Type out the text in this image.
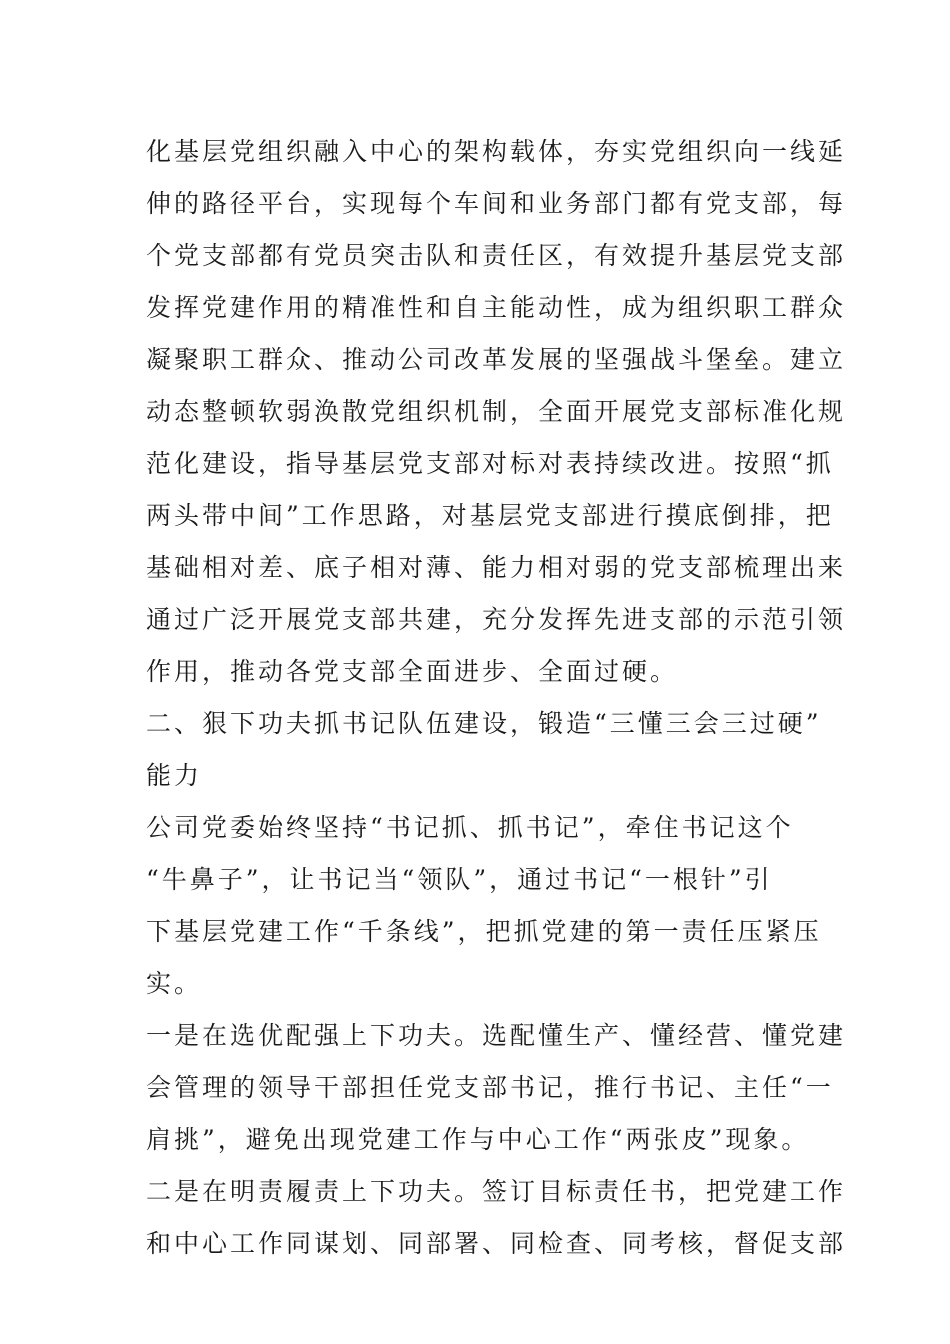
化基层党组织融入中心的架构载体，夯实党组织向一线延
伸的路径平台，实现每个车间和业务部门都有党支部，每
个党支部都有党员突击队和责任区，有效提升基层党支部
发挥党建作用的精准性和自主能动性，成为组织职工群众
凝聚职工群众、推动公司改革发展的坚强战斗堡垒。建立
动态整顿软弱涣散党组织机制，全面开展党支部标准化规
范化建设，指导基层党支部对标对表持续改进。按照“抓
两头带中间”工作思路，对基层党支部进行摸底倒排，把
基础相对差、底子相对薄、能力相对弱的党支部梳理出来
通过广泛开展党支部共建，充分发挥先进支部的示范引领
作用，推动各党支部全面进步、全面过硬。
二、狠下功夫抓书记队伍建设，锻造“三懂三会三过硬”
能力
公司党委始终坚持“书记抓、抓书记”，牵住书记这个
“牛鼻子”，让书记当“领队”，通过书记“一根针”引
下基层党建工作“千条线”，把抓党建的第一责任压紧压
实。
一是在选优配强上下功夫。选配懂生产、懂经营、懂党建
会管理的领导干部担任党支部书记，推行书记、主任“一
肩挑”，避免出现党建工作与中心工作“两张皮”现象。
二是在明责履责上下功夫。签订目标责任书，把党建工作
和中心工作同谋划、同部署、同检查、同考核，督促支部
